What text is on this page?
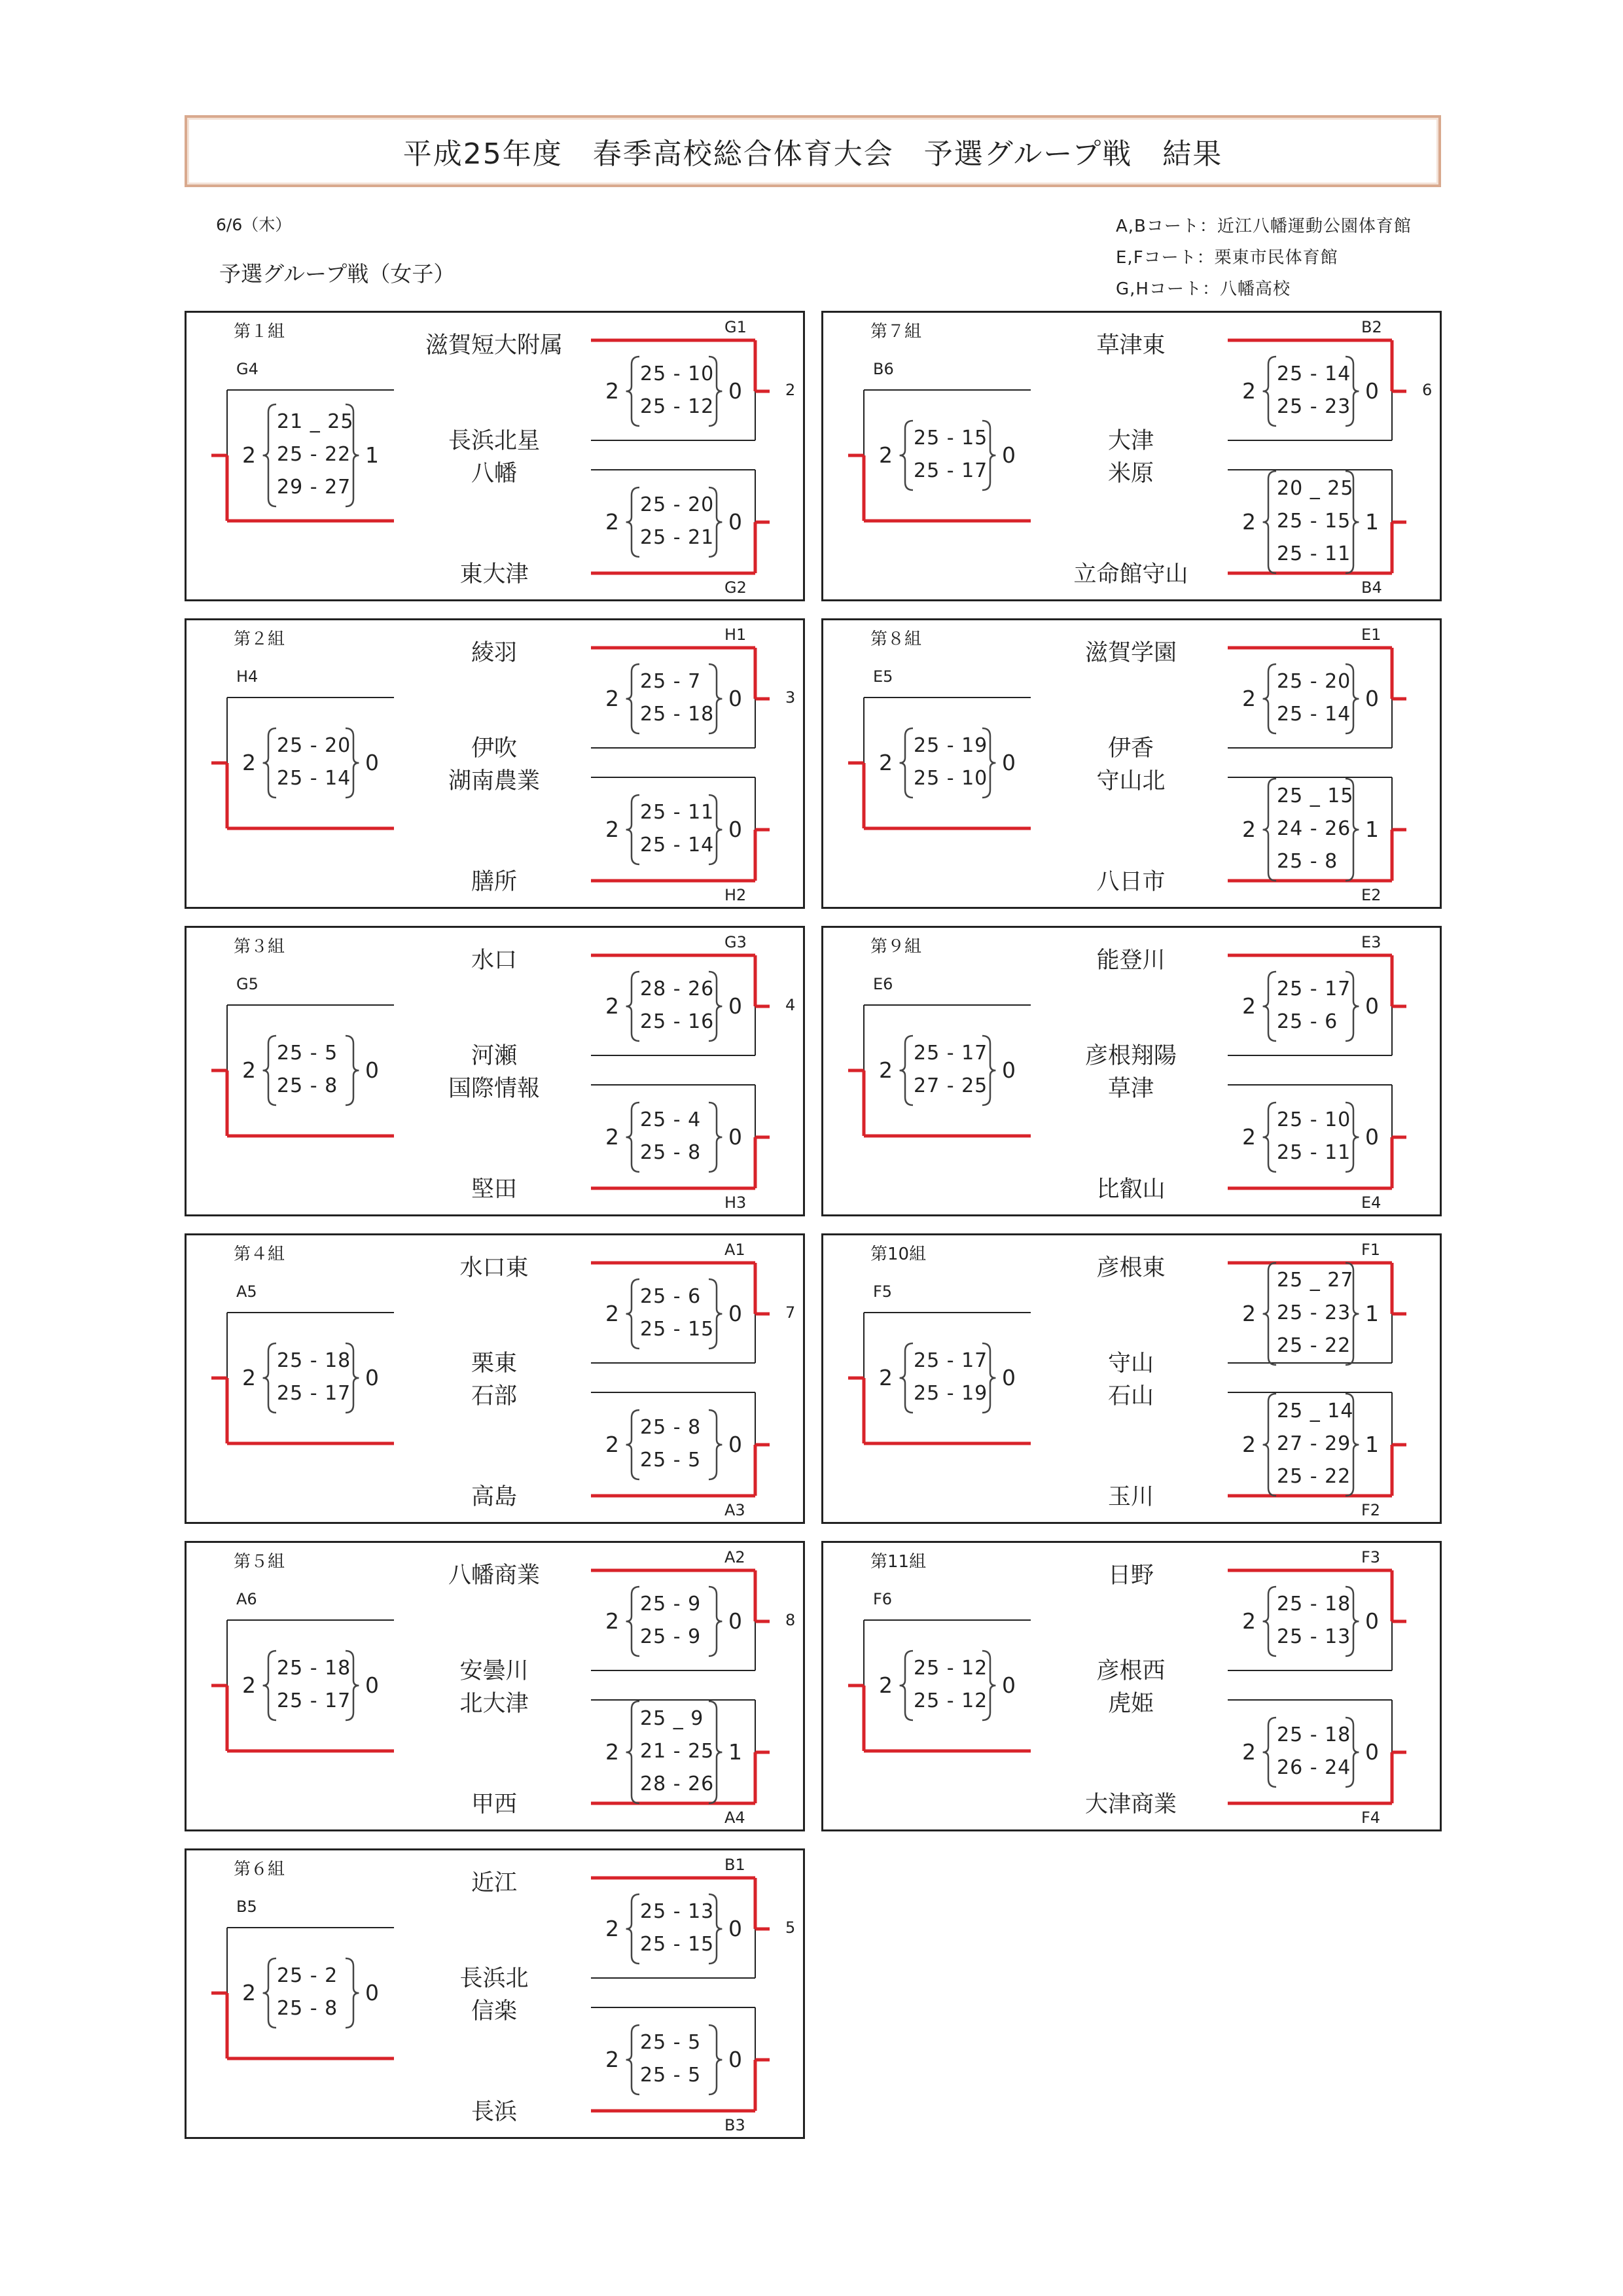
平成25年度　春季高校総合体育大会　予選グループ戦　結果
6/6（木）
予選グループ戦（女子）
A,Bコート：近江八幡運動公園体育館
E,Fコート：栗東市民体育館
G,Hコート：八幡高校
第１組	G1
G2
G4
2
滋賀短大附属
長浜北星
八幡
東大津
25 - 10
25 - 12
2	0
25 - 20
25 - 21
2	0
21 _ 25
25 - 22
29 - 27
2	1
第２組	H1
H2
H4
3
綾羽
伊吹
湖南農業
膳所
25 - 7
25 - 18
2	0
25 - 11
25 - 14
2	0
25 - 20
25 - 14
2	0
第３組	G3
H3
G5
4
水口
河瀬
国際情報
堅田
28 - 26
25 - 16
2	0
25 - 4
25 - 8
2	0
25 - 5
25 - 8
2	0
第４組	A1
A3
A5
7
水口東
栗東
石部
高島
25 - 6
25 - 15
2	0
25 - 8
25 - 5
2	0
25 - 18
25 - 17
2	0
第５組	A2
A4
A6
8
八幡商業
安曇川
北大津
甲西
25 - 9
25 - 9
2	0
25 _ 9
21 - 25
28 - 26
2	1
25 - 18
25 - 17
2	0
第６組	B1
B3
B5
5
近江
長浜北
信楽
長浜
25 - 13
25 - 15
2	0
25 - 5
25 - 5
2	0
25 - 2
25 - 8
2	0
第７組	B2
B4
B6
6
草津東
大津
米原
立命館守山
25 - 14
25 - 23
2	0
20 _ 25
25 - 15
25 - 11
2	1
25 - 15
25 - 17
2	0
第８組	E1
E2
E5
滋賀学園
伊香
守山北
八日市
25 - 20
25 - 14
2	0
25 _ 15
24 - 26
25 - 8
2	1
25 - 19
25 - 10
2	0
第９組	E3
E4
E6
能登川
彦根翔陽
草津
比叡山
25 - 17
25 - 6
2	0
25 - 10
25 - 11
2	0
25 - 17
27 - 25
2	0
第10組	F1
F2
F5
彦根東
守山
石山
玉川
25 _ 27
25 - 23
25 - 22
2	1
25 _ 14
27 - 29
25 - 22
2	1
25 - 17
25 - 19
2	0
第11組	F3
F4
F6
日野
彦根西
虎姫
大津商業
25 - 18
25 - 13
2	0
25 - 18
26 - 24
2	0
25 - 12
25 - 12
2	0
